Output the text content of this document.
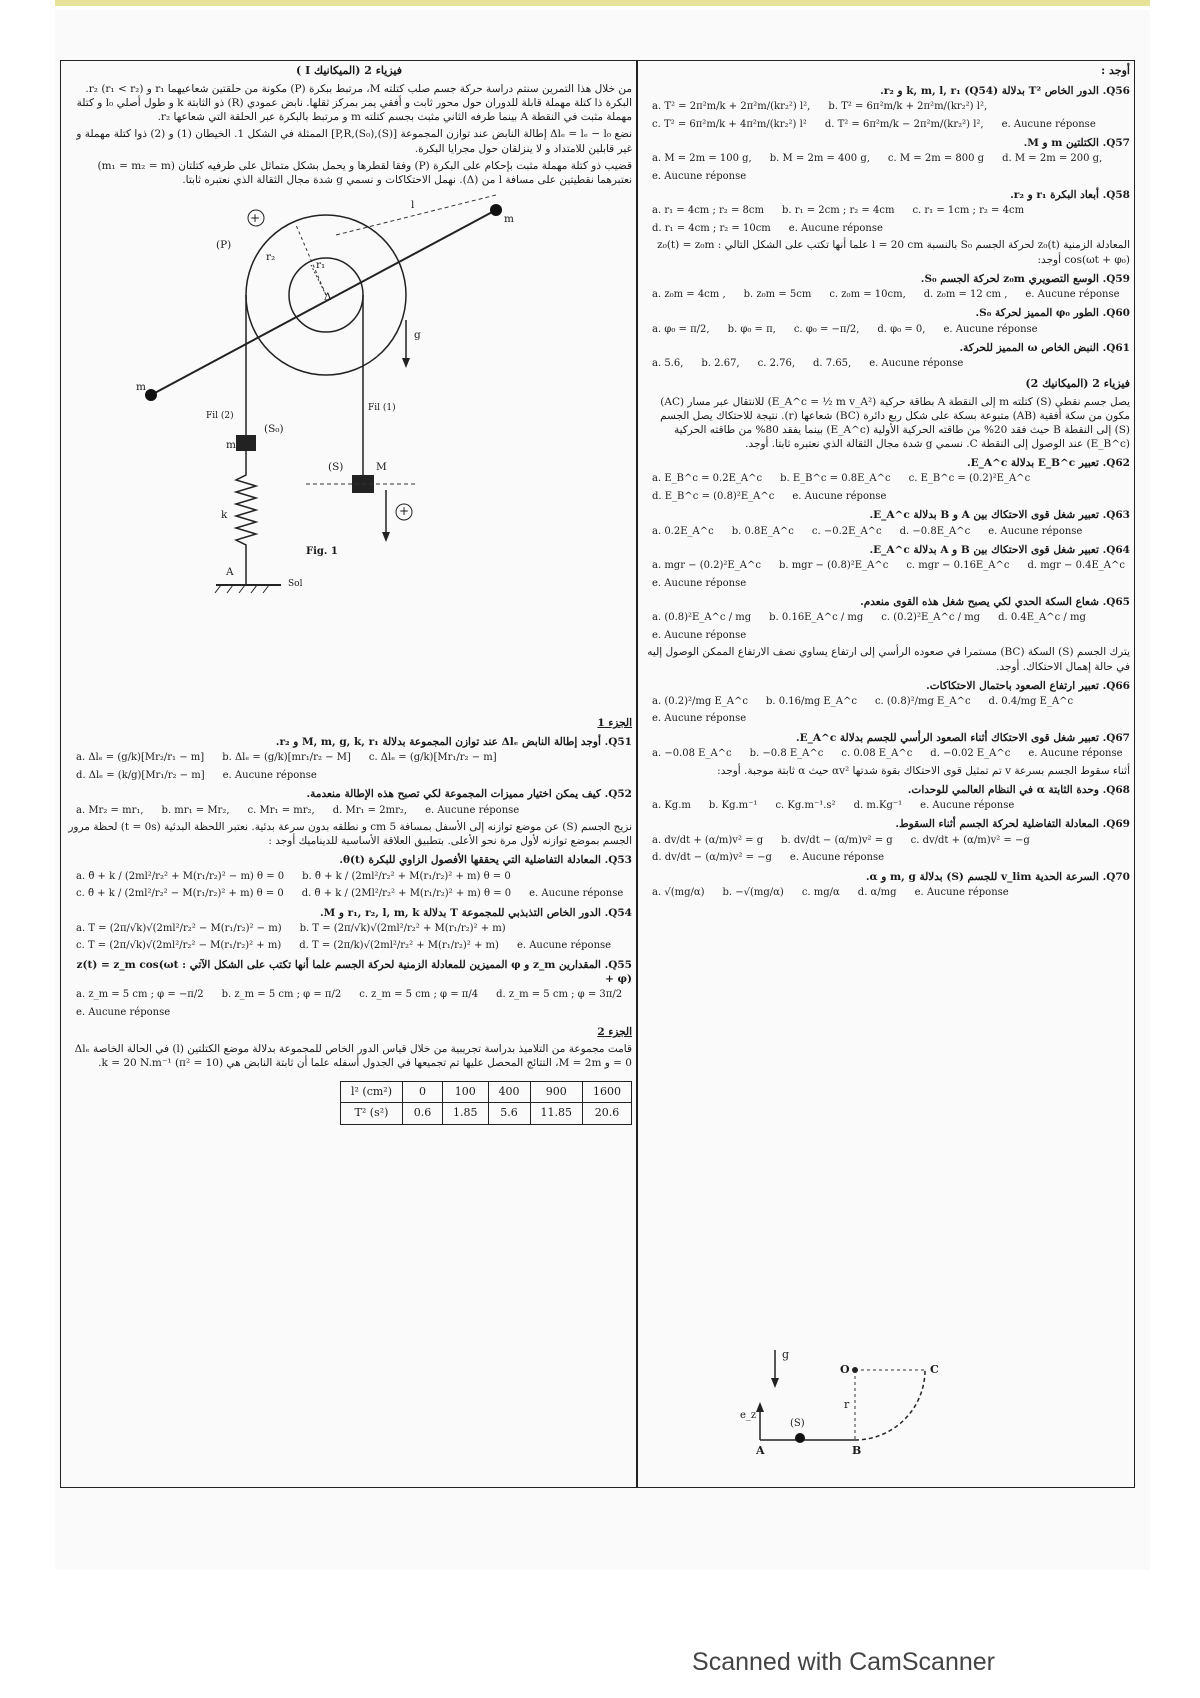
فيزياء 2 (الميكانيك I )
من خلال هذا التمرين سنتم دراسة حركة جسم صلب كتلته M، مرتبط ببكرة (P) مكونة من حلقتين شعاعيهما r₁ و r₂ (r₁ < r₂). البكرة ذا كتلة مهملة قابلة للدوران حول محور ثابت و أفقي يمر بمركز ثقلها. نابض عمودي (R) ذو الثابتة k و طول أصلي l₀ و كتلة مهملة مثبت في النقطة A بينما طرفه الثاني مثبت بجسم كتلته m و مرتبط بالبكرة عبر الحلقة التي شعاعها r₂.
نضع Δlₑ = lₑ − l₀ إطالة النابض عند توازن المجموعة [(S),(S₀),P,R] الممثلة في الشكل 1. الخيطان (1) و (2) ذوا كتلة مهملة و غير قابلين للامتداد و لا ينزلقان حول مجرايا البكرة.
قضيب ذو كتلة مهملة مثبت بإحكام على البكرة (P) وفقا لقطرها و يحمل بشكل متماثل على طرفيه كتلتان (m₁ = m₂ = m) نعتبرهما نقطيتين على مسافة l من (Δ). نهمل الاحتكاكات و نسمي g شدة مجال الثقالة الذي نعتبره ثابتا.
(P)
r₂
r₁
Δ
l
m
m
+
+
g
Fil (2)
Fil (1)
(S₀)
m
(S)	M
k
A
Sol
Fig. 1
الجزء 1
Q51. أوجد إطالة النابض Δlₑ عند توازن المجموعة بدلالة M, m, g, k, r₁ و r₂.
a. Δlₑ = (g/k)[Mr₂/r₁ − m] b. Δlₑ = (g/k)[mr₁/r₂ − M] c. Δlₑ = (g/k)[Mr₁/r₂ − m]
d. Δlₑ = (k/g)[Mr₁/r₂ − m] e. Aucune réponse
Q52. كيف يمكن اختيار مميزات المجموعة لكي تصبح هذه الإطالة منعدمة.
a. Mr₂ = mr₁, b. mr₁ = Mr₂, c. Mr₁ = mr₂, d. Mr₁ = 2mr₂, e. Aucune réponse
نزيح الجسم (S) عن موضع توازنه إلى الأسفل بمسافة 5 cm و نطلقه بدون سرعة بدئية. نعتبر اللحظة البدئية (t = 0s) لحظة مرور الجسم بموضع توازنه لأول مرة نحو الأعلى. بتطبيق العلاقة الأساسية للديناميك أوجد :
Q53. المعادلة التفاضلية التي يحققها الأفصول الزاوي للبكرة θ(t).
a. θ̈ + k / (2ml²/r₂² + M(r₁/r₂)² − m) θ = 0 b. θ̈ + k / (2ml²/r₂² + M(r₁/r₂)² + m) θ = 0
c. θ̈ + k / (2ml²/r₂² − M(r₁/r₂)² + m) θ = 0 d. θ̈ + k / (2Ml²/r₂² + M(r₁/r₂)² + m) θ = 0 e. Aucune réponse
Q54. الدور الخاص التذبذبي للمجموعة T بدلالة r₁, r₂, l, m, k و M.
a. T = (2π/√k)√(2ml²/r₂² − M(r₁/r₂)² − m) b. T = (2π/√k)√(2ml²/r₂² + M(r₁/r₂)² + m)
c. T = (2π/√k)√(2ml²/r₂² − M(r₁/r₂)² + m) d. T = (2π/k)√(2ml²/r₂² + M(r₁/r₂)² + m) e. Aucune réponse
Q55. المقدارين z_m و φ المميزين للمعادلة الزمنية لحركة الجسم علما أنها تكتب على الشكل الآتي : z(t) = z_m cos(ωt + φ)
a. z_m = 5 cm ; φ = −π/2 b. z_m = 5 cm ; φ = π/2 c. z_m = 5 cm ; φ = π/4 d. z_m = 5 cm ; φ = 3π/2
e. Aucune réponse
الجزء 2
قامت مجموعة من التلاميذ بدراسة تجريبية من خلال قياس الدور الخاص للمجموعة بدلالة موضع الكتلتين (l) في الحالة الخاصة Δlₑ = 0 و M = 2m، التتائج المحصل عليها تم تجميعها في الجدول أسفله علما أن ثابتة النابض هي k = 20 N.m⁻¹ (π² = 10).
l² (cm²)	0	100	400	900	1600
T² (s²)	0.6	1.85	5.6	11.85	20.6
أوجد :
Q56. الدور الخاص T² بدلالة (Q54) k, m, l, r₁ و r₂.
a. T² = 2π²m/k + 2π²m/(kr₂²) l², b. T² = 6π²m/k + 2π²m/(kr₂²) l²,
c. T² = 6π²m/k + 4π²m/(kr₂²) l² d. T² = 6π²m/k − 2π²m/(kr₂²) l², e. Aucune réponse
Q57. الكتلتين m و M.
a. M = 2m = 100 g, b. M = 2m = 400 g, c. M = 2m = 800 g d. M = 2m = 200 g,
e. Aucune réponse
Q58. أبعاد البكرة r₁ و r₂.
a. r₁ = 4cm ; r₂ = 8cm b. r₁ = 2cm ; r₂ = 4cm c. r₁ = 1cm ; r₂ = 4cm
d. r₁ = 4cm ; r₂ = 10cm e. Aucune réponse
المعادلة الزمنية z₀(t) لحركة الجسم S₀ بالنسبة l = 20 cm علما أنها تكتب على الشكل التالي : z₀(t) = z₀m cos(ωt + φ₀) أوجد:
Q59. الوسع التصويري z₀m لحركة الجسم S₀.
a. z₀m = 4cm , b. z₀m = 5cm c. z₀m = 10cm, d. z₀m = 12 cm , e. Aucune réponse
Q60. الطور φ₀ المميز لحركة S₀.
a. φ₀ = π/2, b. φ₀ = π, c. φ₀ = −π/2, d. φ₀ = 0, e. Aucune réponse
Q61. النبض الخاص ω المميز للحركة.
a. 5.6, b. 2.67, c. 2.76, d. 7.65, e. Aucune réponse
فيزياء 2 (الميكانيك 2)
يصل جسم نقطي (S) كتلته m إلى النقطة A بطاقة حركية (E_A^c = ½ m v_A²) للانتقال عبر مسار (AC) مكون من سكة أفقية (AB) متبوعة بسكة على شكل ربع دائرة (BC) شعاعها (r). نتيجة للاحتكاك يصل الجسم (S) إلى النقطة B حيث فقد 20% من طاقته الحركية الأولية (E_A^c) بينما يفقد 80% من طاقته الحركية (E_B^c) عند الوصول إلى النقطة C. نسمي g شدة مجال الثقالة الذي نعتبره ثابتا. أوجد.
Q62. تعبير E_B^c بدلالة E_A^c.
a. E_B^c = 0.2E_A^c b. E_B^c = 0.8E_A^c c. E_B^c = (0.2)²E_A^c
d. E_B^c = (0.8)²E_A^c e. Aucune réponse
Q63. تعبير شغل قوى الاحتكاك بين A و B بدلالة E_A^c.
a. 0.2E_A^c b. 0.8E_A^c c. −0.2E_A^c d. −0.8E_A^c e. Aucune réponse
Q64. تعبير شغل قوى الاحتكاك بين B و A بدلالة E_A^c.
a. mgr − (0.2)²E_A^c b. mgr − (0.8)²E_A^c c. mgr − 0.16E_A^c d. mgr − 0.4E_A^c
e. Aucune réponse
Q65. شعاع السكة الحدي لكي يصبح شغل هذه القوى منعدم.
a. (0.8)²E_A^c / mg b. 0.16E_A^c / mg c. (0.2)²E_A^c / mg d. 0.4E_A^c / mg
e. Aucune réponse
يترك الجسم (S) السكة (BC) مستمرا في صعوده الرأسي إلى ارتفاع يساوي نصف الارتفاع الممكن الوصول إليه في حالة إهمال الاحتكاك. أوجد.
Q66. تعبير ارتفاع الصعود باحتمال الاحتكاكات.
a. (0.2)²/mg E_A^c b. 0.16/mg E_A^c c. (0.8)²/mg E_A^c d. 0.4/mg E_A^c
e. Aucune réponse
Q67. تعبير شغل قوى الاحتكاك أثناء الصعود الرأسي للجسم بدلالة E_A^c.
a. −0.08 E_A^c b. −0.8 E_A^c c. 0.08 E_A^c d. −0.02 E_A^c e. Aucune réponse
أثناء سقوط الجسم بسرعة v تم تمثيل قوى الاحتكاك بقوة شدتها αv² حيث α ثابتة موجبة. أوجد:
Q68. وحدة الثابتة α في النظام العالمي للوحدات.
a. Kg.m b. Kg.m⁻¹ c. Kg.m⁻¹.s² d. m.Kg⁻¹ e. Aucune réponse
Q69. المعادلة التفاضلية لحركة الجسم أثناء السقوط.
a. dv/dt + (α/m)v² = g b. dv/dt − (α/m)v² = g c. dv/dt + (α/m)v² = −g
d. dv/dt − (α/m)v² = −g e. Aucune réponse
Q70. السرعة الحدية v_lim للجسم (S) بدلالة m, g و α.
a. √(mg/α) b. −√(mg/α) c. mg/α d. α/mg e. Aucune réponse
g
e_z
(S)
A	B
C
O
r
Scanned with CamScanner
